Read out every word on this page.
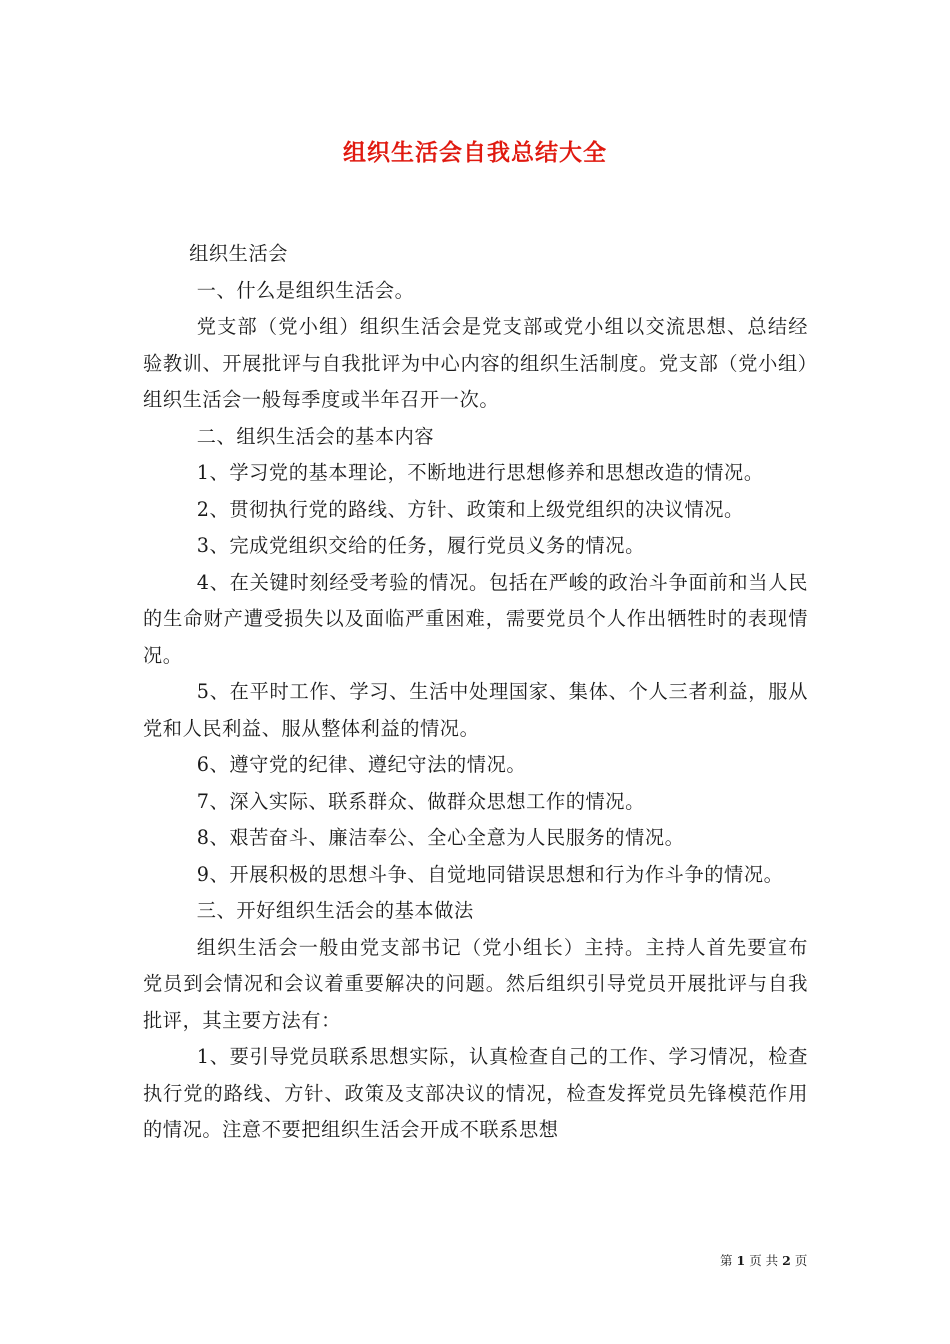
组织生活会自我总结大全

组织生活会

一、什么是组织生活会。

党支部（党小组）组织生活会是党支部或党小组以交流思想、总结经验教训、开展批评与自我批评为中心内容的组织生活制度。党支部（党小组）组织生活会一般每季度或半年召开一次。

二、组织生活会的基本内容

1、学习党的基本理论，不断地进行思想修养和思想改造的情况。

2、贯彻执行党的路线、方针、政策和上级党组织的决议情况。

3、完成党组织交给的任务，履行党员义务的情况。

4、在关键时刻经受考验的情况。包括在严峻的政治斗争面前和当人民的生命财产遭受损失以及面临严重困难，需要党员个人作出牺牲时的表现情况。

5、在平时工作、学习、生活中处理国家、集体、个人三者利益，服从党和人民利益、服从整体利益的情况。

6、遵守党的纪律、遵纪守法的情况。

7、深入实际、联系群众、做群众思想工作的情况。

8、艰苦奋斗、廉洁奉公、全心全意为人民服务的情况。

9、开展积极的思想斗争、自觉地同错误思想和行为作斗争的情况。

三、开好组织生活会的基本做法

组织生活会一般由党支部书记（党小组长）主持。主持人首先要宣布党员到会情况和会议着重要解决的问题。然后组织引导党员开展批评与自我批评，其主要方法有：

1、要引导党员联系思想实际，认真检查自己的工作、学习情况，检查执行党的路线、方针、政策及支部决议的情况，检查发挥党员先锋模范作用的情况。注意不要把组织生活会开成不联系思想

第 1 页 共 2 页
